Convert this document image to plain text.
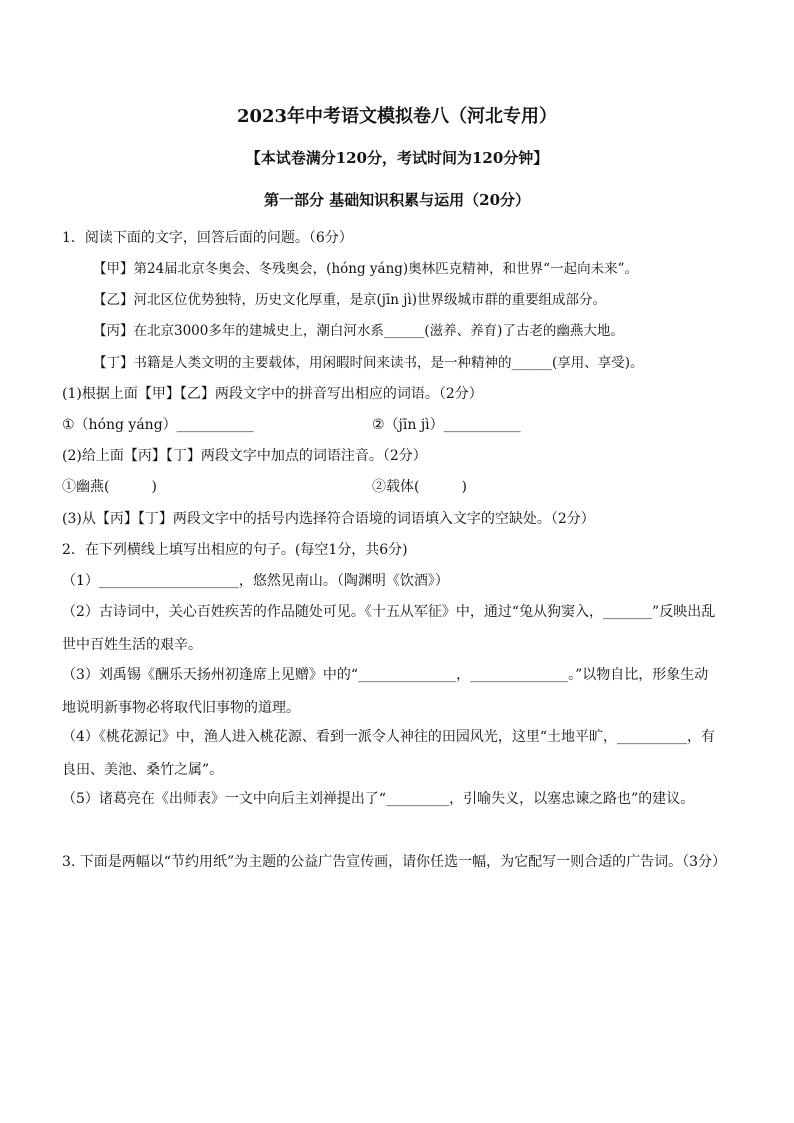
2023年中考语文模拟卷八（河北专用）
【本试卷满分120分，考试时间为120分钟】
第一部分 基础知识积累与运用（20分）
1．阅读下面的文字，回答后面的问题。（6分）
【甲】第24届北京冬奥会、冬残奥会，(hóng yáng)奥林匹克精神，和世界“一起向未来”。
【乙】河北区位优势独特，历史文化厚重，是京(jīn jì)世界级城市群的重要组成部分。
【丙】在北京3000多年的建城史上，潮白河水系______(滋养、养育)了古老的幽燕大地。
【丁】书籍是人类文明的主要载体，用闲暇时间来读书，是一种精神的______(享用、享受)。
(1)根据上面【甲】【乙】两段文字中的拼音写出相应的词语。（2分）
①（hóng yáng）___________	②（jīn jì）___________
(2)给上面【丙】【丁】两段文字中加点的词语注音。（2分）
①幽燕(　　　)	②载体(　　　)
(3)从【丙】【丁】两段文字中的括号内选择符合语境的词语填入文字的空缺处。（2分）
2．在下列横线上填写出相应的句子。(每空1分，共6分)
（1）____________________，悠然见南山。（陶渊明《饮酒》）
（2）古诗词中，关心百姓疾苦的作品随处可见。《十五从军征》中，通过“兔从狗窦入，_______”反映出乱世中百姓生活的艰辛。
（3）刘禹锡《酬乐天扬州初逢席上见赠》中的“______________，______________。”以物自比，形象生动地说明新事物必将取代旧事物的道理。
（4）《桃花源记》中，渔人进入桃花源、看到一派令人神往的田园风光，这里“土地平旷，__________，有良田、美池、桑竹之属”。
（5）诸葛亮在《出师表》一文中向后主刘禅提出了“_________，引喻失义，以塞忠谏之路也”的建议。
3. 下面是两幅以“节约用纸”为主题的公益广告宣传画，请你任选一幅，为它配写一则合适的广告词。（3分）
